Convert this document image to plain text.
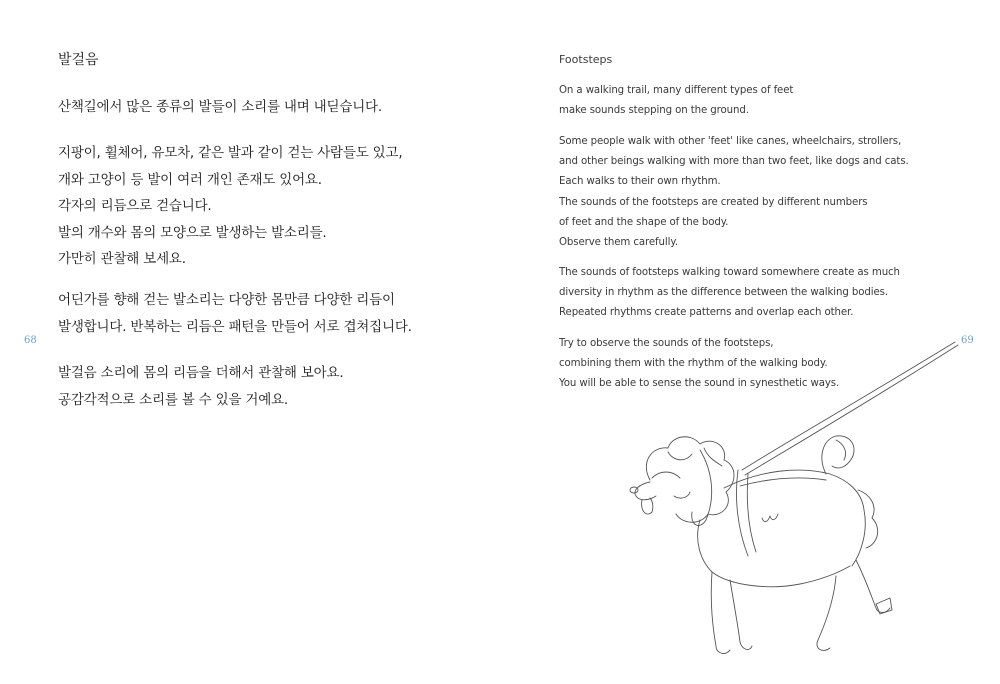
발걸음

산책길에서 많은 종류의 발들이 소리를 내며 내딛습니다.

지팡이, 휠체어, 유모차, 같은 발과 같이 걷는 사람들도 있고,
개와 고양이 등 발이 여러 개인 존재도 있어요.
각자의 리듬으로 걷습니다.
발의 개수와 몸의 모양으로 발생하는 발소리들.
가만히 관찰해 보세요.

어딘가를 향해 걷는 발소리는 다양한 몸만큼 다양한 리듬이
발생합니다. 반복하는 리듬은 패턴을 만들어 서로 겹쳐집니다.

발걸음 소리에 몸의 리듬을 더해서 관찰해 보아요.
공감각적으로 소리를 볼 수 있을 거예요.

68
Footsteps

On a walking trail, many different types of feet
make sounds stepping on the ground.

Some people walk with other 'feet' like canes, wheelchairs, strollers,
and other beings walking with more than two feet, like dogs and cats.
Each walks to their own rhythm.
The sounds of the footsteps are created by different numbers
of feet and the shape of the body.
Observe them carefully.

The sounds of footsteps walking toward somewhere create as much
diversity in rhythm as the difference between the walking bodies.
Repeated rhythms create patterns and overlap each other.

Try to observe the sounds of the footsteps,
combining them with the rhythm of the walking body.
You will be able to sense the sound in synesthetic ways.

69
